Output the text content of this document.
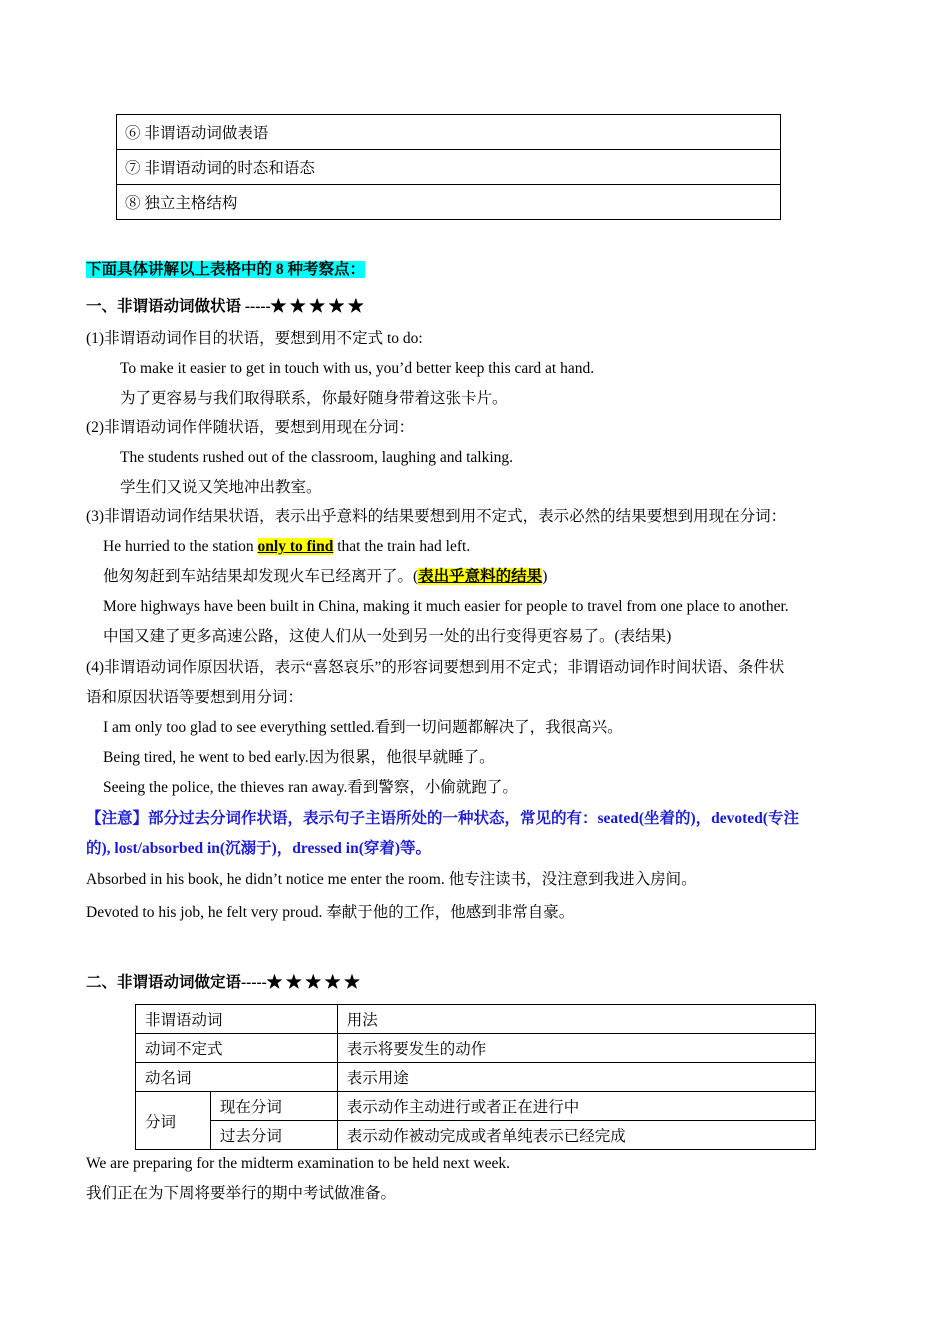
⑥ 非谓语动词做表语
⑦ 非谓语动词的时态和语态
⑧ 独立主格结构
下面具体讲解以上表格中的 8 种考察点：
一、非谓语动词做状语 -----★ ★ ★ ★ ★
(1)非谓语动词作目的状语，要想到用不定式 to do:
To make it easier to get in touch with us, you’d better keep this card at hand.
为了更容易与我们取得联系，你最好随身带着这张卡片。
(2)非谓语动词作伴随状语，要想到用现在分词：
The students rushed out of the classroom, laughing and talking.
学生们又说又笑地冲出教室。
(3)非谓语动词作结果状语，表示出乎意料的结果要想到用不定式，表示必然的结果要想到用现在分词：
He hurried to the station only to find that the train had left.
他匆匆赶到车站结果却发现火车已经离开了。(表出乎意料的结果)
More highways have been built in China, making it much easier for people to travel from one place to another.
中国又建了更多高速公路，这使人们从一处到另一处的出行变得更容易了。(表结果)
(4)非谓语动词作原因状语，表示“喜怒哀乐”的形容词要想到用不定式；非谓语动词作时间状语、条件状
语和原因状语等要想到用分词：
I am only too glad to see everything settled.看到一切问题都解决了，我很高兴。
Being tired, he went to bed early.因为很累，他很早就睡了。
Seeing the police, the thieves ran away.看到警察，小偷就跑了。
【注意】部分过去分词作状语，表示句子主语所处的一种状态，常见的有：seated(坐着的)，devoted(专注
的), lost/absorbed in(沉溺于)，dressed in(穿着)等。
Absorbed in his book, he didn’t notice me enter the room. 他专注读书，没注意到我进入房间。
Devoted to his job, he felt very proud. 奉献于他的工作，他感到非常自豪。
二、非谓语动词做定语-----★ ★ ★ ★ ★
非谓语动词		用法
动词不定式		表示将要发生的动作
动名词		表示用途
分词	现在分词	表示动作主动进行或者正在进行中
	过去分词	表示动作被动完成或者单纯表示已经完成
We are preparing for the midterm examination to be held next week.
我们正在为下周将要举行的期中考试做准备。
